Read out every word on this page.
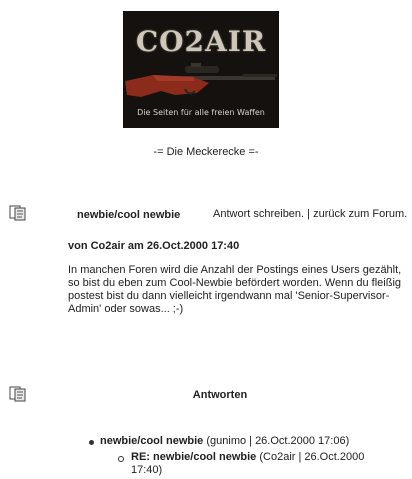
CO2AIR
Die Seiten für alle freien Waffen
-= Die Meckerecke =-
newbie/cool newbie	Antwort schreiben. | zurück zum Forum.
von Co2air am 26.Oct.2000 17:40
In manchen Foren wird die Anzahl der Postings eines Users gezählt, so bist du eben zum Cool-Newbie befördert worden. Wenn du fleißig postest bist du dann vielleicht irgendwann mal 'Senior-Supervisor-Admin' oder sowas... ;-)
Antworten
newbie/cool newbie (gunimo | 26.Oct.2000 17:06)
RE: newbie/cool newbie (Co2air | 26.Oct.2000 17:40)
